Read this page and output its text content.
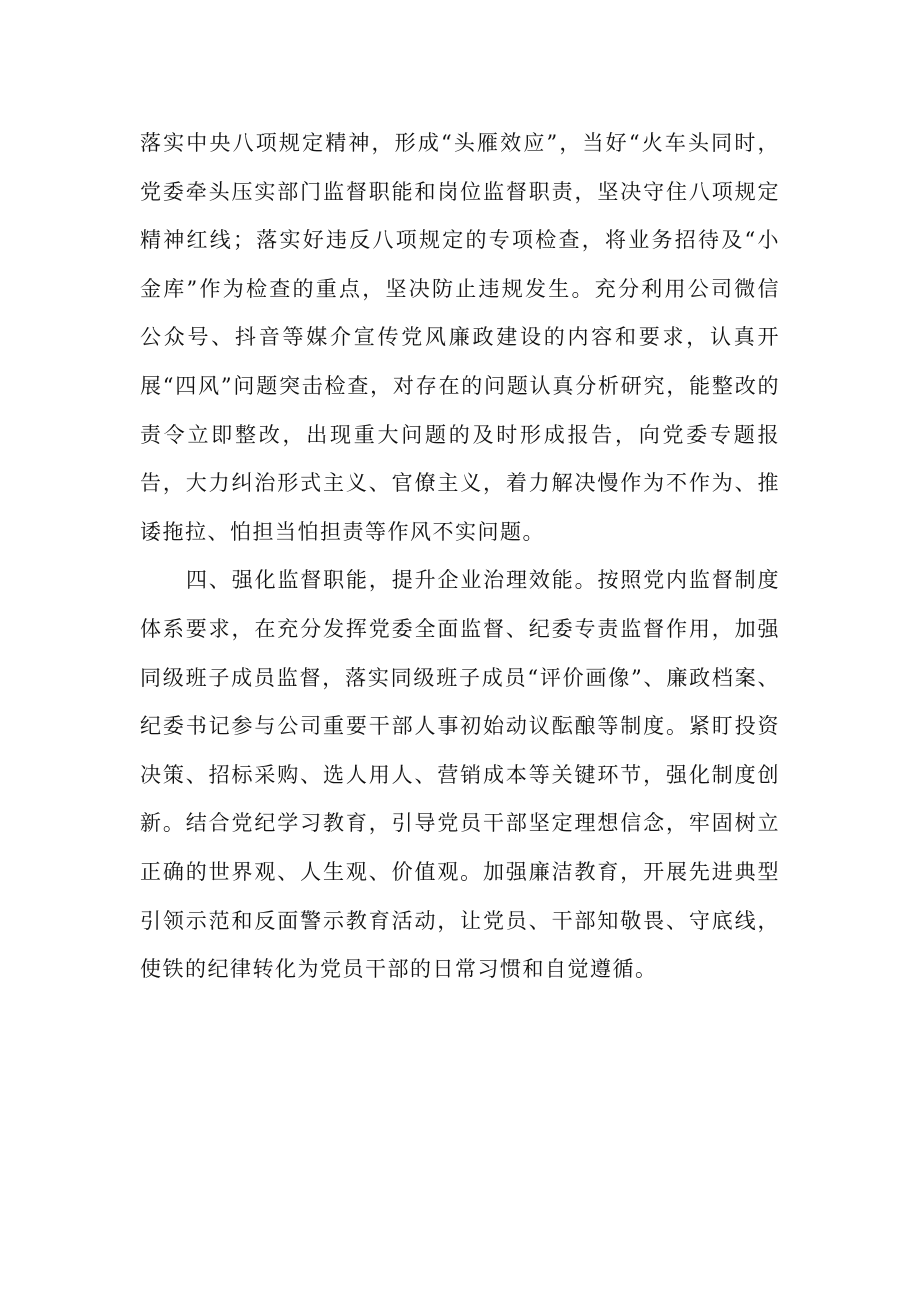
落实中央八项规定精神，形成“头雁效应”，当好“火车头同时，党委牵头压实部门监督职能和岗位监督职责，坚决守住八项规定精神红线；落实好违反八项规定的专项检查，将业务招待及“小金库”作为检查的重点，坚决防止违规发生。充分利用公司微信公众号、抖音等媒介宣传党风廉政建设的内容和要求，认真开展“四风”问题突击检查，对存在的问题认真分析研究，能整改的责令立即整改，出现重大问题的及时形成报告，向党委专题报告，大力纠治形式主义、官僚主义，着力解决慢作为不作为、推诿拖拉、怕担当怕担责等作风不实问题。

四、强化监督职能，提升企业治理效能。按照党内监督制度体系要求，在充分发挥党委全面监督、纪委专责监督作用，加强同级班子成员监督，落实同级班子成员“评价画像”、廉政档案、纪委书记参与公司重要干部人事初始动议酝酿等制度。紧盯投资决策、招标采购、选人用人、营销成本等关键环节，强化制度创新。结合党纪学习教育，引导党员干部坚定理想信念，牢固树立正确的世界观、人生观、价值观。加强廉洁教育，开展先进典型引领示范和反面警示教育活动，让党员、干部知敬畏、守底线，使铁的纪律转化为党员干部的日常习惯和自觉遵循。
